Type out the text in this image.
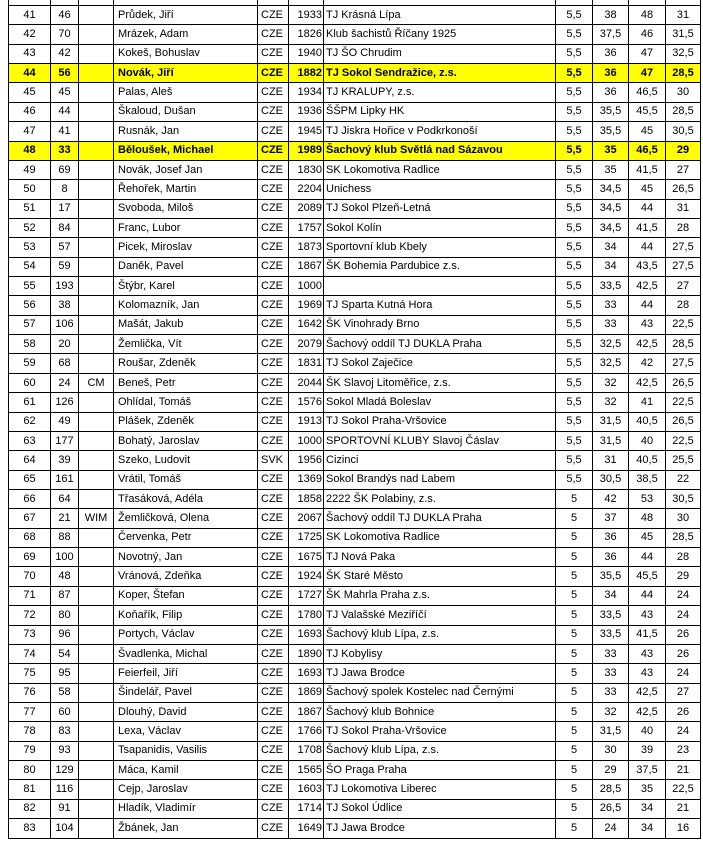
41	46		Průdek, Jiří	CZE	1933	TJ Krásná Lípa	5,5	38	48	31
42	70		Mrázek, Adam	CZE	1826	Klub šachistů Říčany 1925	5,5	37,5	46	31,5
43	42		Kokeš, Bohuslav	CZE	1940	TJ ŠO Chrudim	5,5	36	47	32,5
44	56		Novák, Jiří	CZE	1882	TJ Sokol Sendražice, z.s.	5,5	36	47	28,5
45	45		Palas, Aleš	CZE	1934	TJ KRALUPY, z.s.	5,5	36	46,5	30
46	44		Škaloud, Dušan	CZE	1936	ŠŠPM Lipky HK	5,5	35,5	45,5	28,5
47	41		Rusnák, Jan	CZE	1945	TJ Jiskra Hořice v Podkrkonoší	5,5	35,5	45	30,5
48	33		Běloušek, Michael	CZE	1989	Šachový klub Světlá nad Sázavou	5,5	35	46,5	29
49	69		Novák, Josef Jan	CZE	1830	SK Lokomotiva Radlice	5,5	35	41,5	27
50	8		Řehořek, Martin	CZE	2204	Unichess	5,5	34,5	45	26,5
51	17		Svoboda, Miloš	CZE	2089	TJ Sokol Plzeň-Letná	5,5	34,5	44	31
52	84		Franc, Lubor	CZE	1757	Sokol Kolín	5,5	34,5	41,5	28
53	57		Picek, Miroslav	CZE	1873	Sportovní klub Kbely	5,5	34	44	27,5
54	59		Daněk, Pavel	CZE	1867	ŠK Bohemia Pardubice z.s.	5,5	34	43,5	27,5
55	193		Štýbr, Karel	CZE	1000		5,5	33,5	42,5	27
56	38		Kolomazník, Jan	CZE	1969	TJ Sparta Kutná Hora	5,5	33	44	28
57	106		Mašát, Jakub	CZE	1642	ŠK Vinohrady Brno	5,5	33	43	22,5
58	20		Žemlička, Vít	CZE	2079	Šachový oddíl TJ DUKLA Praha	5,5	32,5	42,5	28,5
59	68		Roušar, Zdeněk	CZE	1831	TJ Sokol Zaječice	5,5	32,5	42	27,5
60	24	CM	Beneš, Petr	CZE	2044	ŠK Slavoj Litoměřice, z.s.	5,5	32	42,5	26,5
61	126		Ohlídal, Tomáš	CZE	1576	Sokol Mladá Boleslav	5,5	32	41	22,5
62	49		Plášek, Zdeněk	CZE	1913	TJ Sokol Praha-Vršovice	5,5	31,5	40,5	26,5
63	177		Bohatý, Jaroslav	CZE	1000	SPORTOVNÍ KLUBY Slavoj Čáslav	5,5	31,5	40	22,5
64	39		Szeko, Ludovit	SVK	1956	Cizinci	5,5	31	40,5	25,5
65	161		Vrátil, Tomáš	CZE	1369	Sokol Brandýs nad Labem	5,5	30,5	38,5	22
66	64		Třasáková, Adéla	CZE	1858	2222 ŠK Polabiny, z.s.	5	42	53	30,5
67	21	WIM	Žemličková, Olena	CZE	2067	Šachový oddíl TJ DUKLA Praha	5	37	48	30
68	88		Červenka, Petr	CZE	1725	SK Lokomotiva Radlice	5	36	45	28,5
69	100		Novotný, Jan	CZE	1675	TJ Nová Paka	5	36	44	28
70	48		Vránová, Zdeňka	CZE	1924	ŠK Staré Město	5	35,5	45,5	29
71	87		Koper, Štefan	CZE	1727	ŠK Mahrla Praha z.s.	5	34	44	24
72	80		Koňařík, Filip	CZE	1780	TJ Valašské Meziříčí	5	33,5	43	24
73	96		Portych, Václav	CZE	1693	Šachový klub Lípa, z.s.	5	33,5	41,5	26
74	54		Švadlenka, Michal	CZE	1890	TJ Kobylisy	5	33	43	26
75	95		Feierfeil, Jiří	CZE	1693	TJ Jawa Brodce	5	33	43	24
76	58		Šindelář, Pavel	CZE	1869	Šachový spolek Kostelec nad Černými	5	33	42,5	27
77	60		Dlouhý, David	CZE	1867	Šachový klub Bohnice	5	32	42,5	26
78	83		Lexa, Václav	CZE	1766	TJ Sokol Praha-Vršovice	5	31,5	40	24
79	93		Tsapanidis, Vasilis	CZE	1708	Šachový klub Lípa, z.s.	5	30	39	23
80	129		Máca, Kamil	CZE	1565	ŠO Praga Praha	5	29	37,5	21
81	116		Cejp, Jaroslav	CZE	1603	TJ Lokomotiva Liberec	5	28,5	35	22,5
82	91		Hladík, Vladimír	CZE	1714	TJ Sokol Údlice	5	26,5	34	21
83	104		Žbánek, Jan	CZE	1649	TJ Jawa Brodce	5	24	34	16
